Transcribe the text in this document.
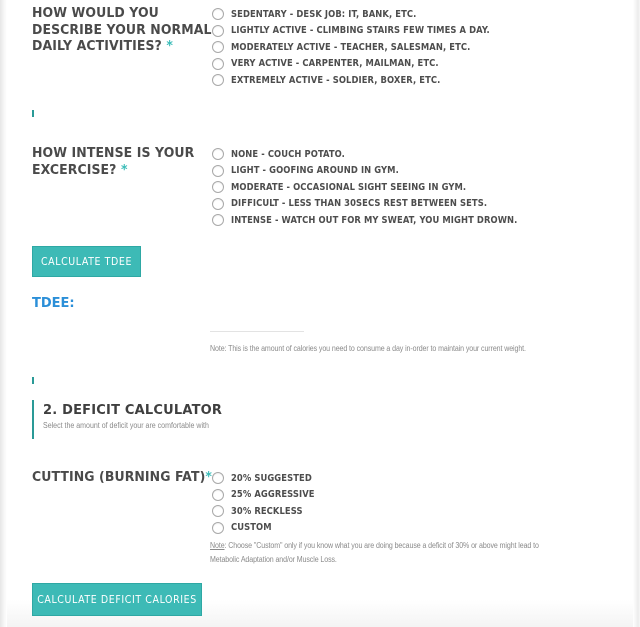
HOW WOULD YOU
DESCRIBE YOUR NORMAL
DAILY ACTIVITIES? *
SEDENTARY - DESK JOB: IT, BANK, ETC.
LIGHTLY ACTIVE - CLIMBING STAIRS FEW TIMES A DAY.
MODERATELY ACTIVE - TEACHER, SALESMAN, ETC.
VERY ACTIVE - CARPENTER, MAILMAN, ETC.
EXTREMELY ACTIVE - SOLDIER, BOXER, ETC.
HOW INTENSE IS YOUR
EXCERCISE? *
NONE - COUCH POTATO.
LIGHT - GOOFING AROUND IN GYM.
MODERATE - OCCASIONAL SIGHT SEEING IN GYM.
DIFFICULT - LESS THAN 30SECS REST BETWEEN SETS.
INTENSE - WATCH OUT FOR MY SWEAT, YOU MIGHT DROWN.
CALCULATE TDEE
TDEE:
Note: This is the amount of calories you need to consume a day in-order to maintain your current weight.
2. DEFICIT CALCULATOR
Select the amount of deficit your are comfortable with
CUTTING (BURNING FAT)* 20% SUGGESTED
25% AGGRESSIVE
30% RECKLESS
CUSTOM
Note: Choose "Custom" only if you know what you are doing because a deficit of 30% or above might lead to
Metabolic Adaptation and/or Muscle Loss.
CALCULATE DEFICIT CALORIES
